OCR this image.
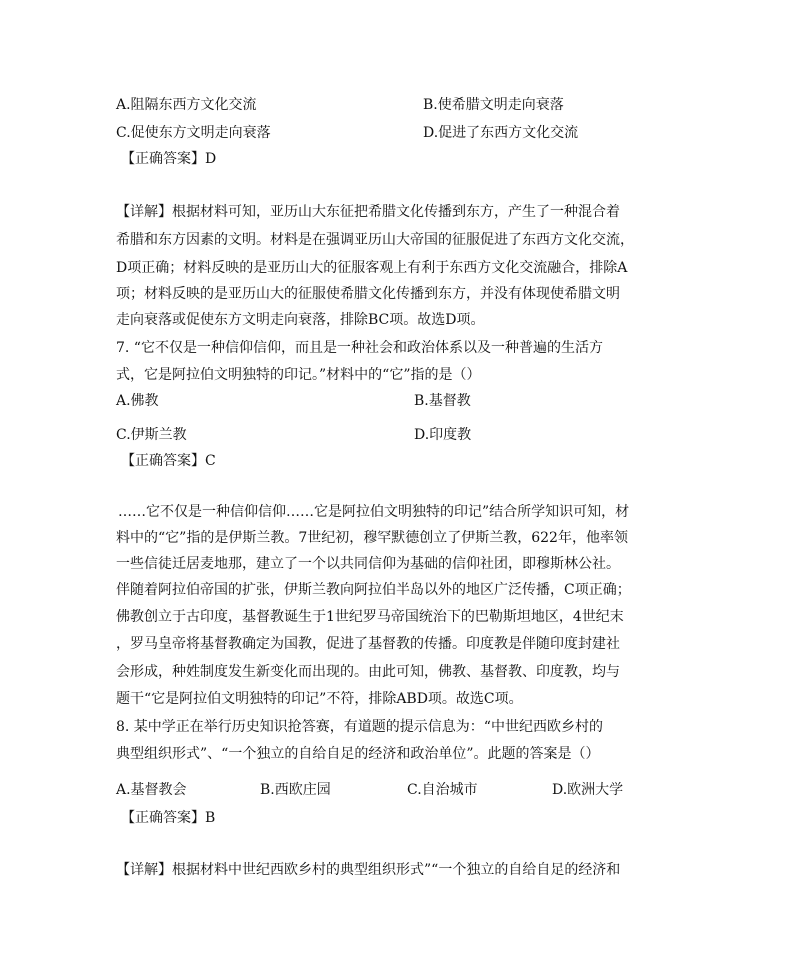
A.阻隔东西方文化交流	B.使希腊文明走向衰落
C.促使东方文明走向衰落	D.促进了东西方文化交流
【正确答案】D
【详解】根据材料可知，亚历山大东征把希腊文化传播到东方，产生了一种混合着
希腊和东方因素的文明。材料是在强调亚历山大帝国的征服促进了东西方文化交流，
D项正确；材料反映的是亚历山大的征服客观上有利于东西方文化交流融合，排除A
项；材料反映的是亚历山大的征服使希腊文化传播到东方，并没有体现使希腊文明
走向衰落或促使东方文明走向衰落，排除BC项。故选D项。
7. “它不仅是一种信仰信仰，而且是一种社会和政治体系以及一种普遍的生活方
式，它是阿拉伯文明独特的印记。”材料中的“它”指的是（）
A.佛教	B.基督教
C.伊斯兰教	D.印度教
【正确答案】C
……它不仅是一种信仰信仰……它是阿拉伯文明独特的印记”结合所学知识可知，材
料中的“它”指的是伊斯兰教。7世纪初，穆罕默德创立了伊斯兰教，622年，他率领
一些信徒迁居麦地那，建立了一个以共同信仰为基础的信仰社团，即穆斯林公社。
伴随着阿拉伯帝国的扩张，伊斯兰教向阿拉伯半岛以外的地区广泛传播，C项正确；
佛教创立于古印度，基督教诞生于1世纪罗马帝国统治下的巴勒斯坦地区，4世纪末
，罗马皇帝将基督教确定为国教，促进了基督教的传播。印度教是伴随印度封建社
会形成，种姓制度发生新变化而出现的。由此可知，佛教、基督教、印度教，均与
题干“它是阿拉伯文明独特的印记”不符，排除ABD项。故选C项。
8. 某中学正在举行历史知识抢答赛，有道题的提示信息为：“中世纪西欧乡村的
典型组织形式”、“一个独立的自给自足的经济和政治单位”。此题的答案是（）
A.基督教会	B.西欧庄园	C.自治城市	D.欧洲大学
【正确答案】B
【详解】根据材料中世纪西欧乡村的典型组织形式”“一个独立的自给自足的经济和
